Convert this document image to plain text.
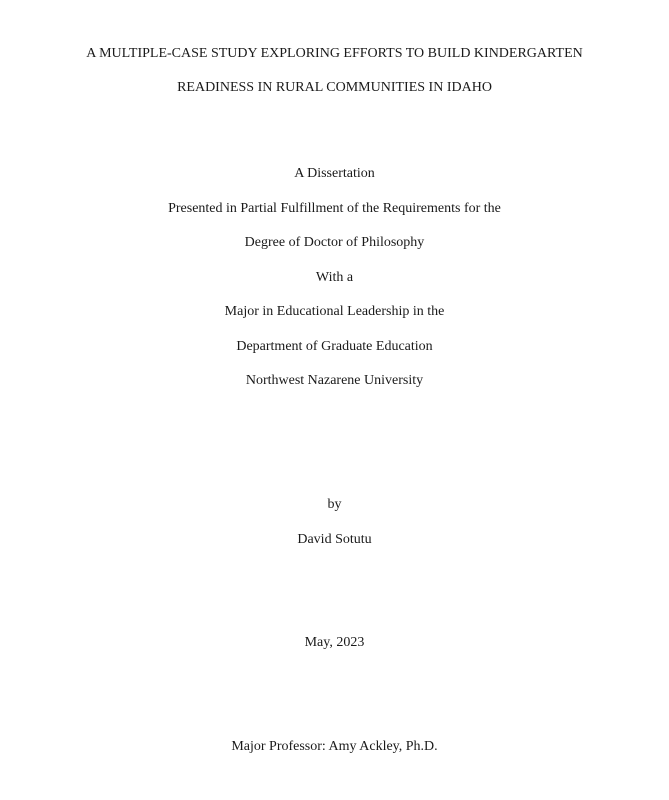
A MULTIPLE-CASE STUDY EXPLORING EFFORTS TO BUILD KINDERGARTEN
READINESS IN RURAL COMMUNITIES IN IDAHO
A Dissertation
Presented in Partial Fulfillment of the Requirements for the
Degree of Doctor of Philosophy
With a
Major in Educational Leadership in the
Department of Graduate Education
Northwest Nazarene University
by
David Sotutu
May, 2023
Major Professor: Amy Ackley, Ph.D.
